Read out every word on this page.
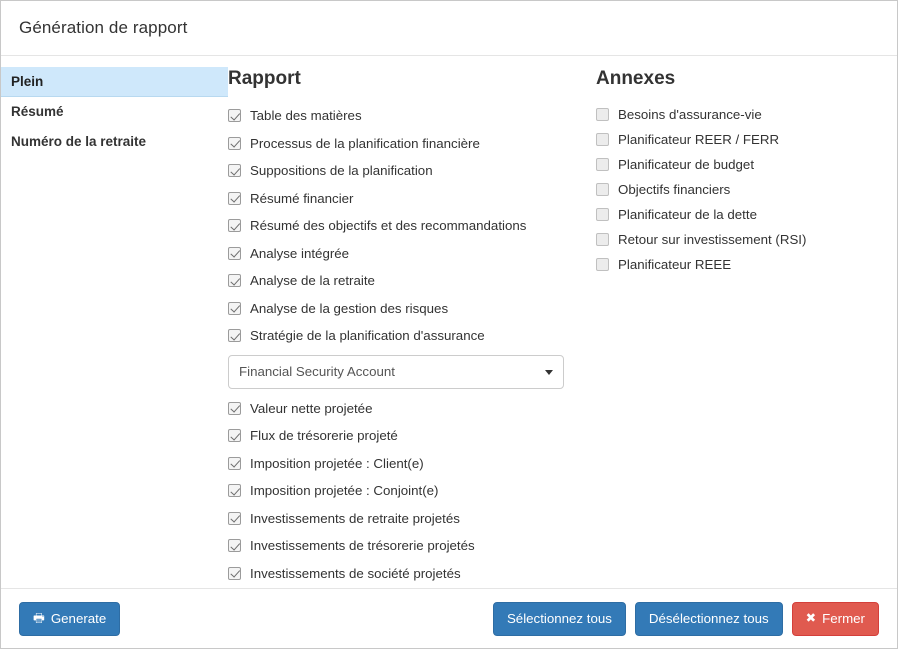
Génération de rapport
Plein
Résumé
Numéro de la retraite
Rapport
Table des matières
Processus de la planification financière
Suppositions de la planification
Résumé financier
Résumé des objectifs et des recommandations
Analyse intégrée
Analyse de la retraite
Analyse de la gestion des risques
Stratégie de la planification d'assurance
Financial Security Account
Valeur nette projetée
Flux de trésorerie projeté
Imposition projetée : Client(e)
Imposition projetée : Conjoint(e)
Investissements de retraite projetés
Investissements de trésorerie projetés
Investissements de société projetés
Annexes
Besoins d'assurance-vie
Planificateur REER / FERR
Planificateur de budget
Objectifs financiers
Planificateur de la dette
Retour sur investissement (RSI)
Planificateur REEE
🖶 Generate	Sélectionnez tous	Désélectionnez tous	✖ Fermer
